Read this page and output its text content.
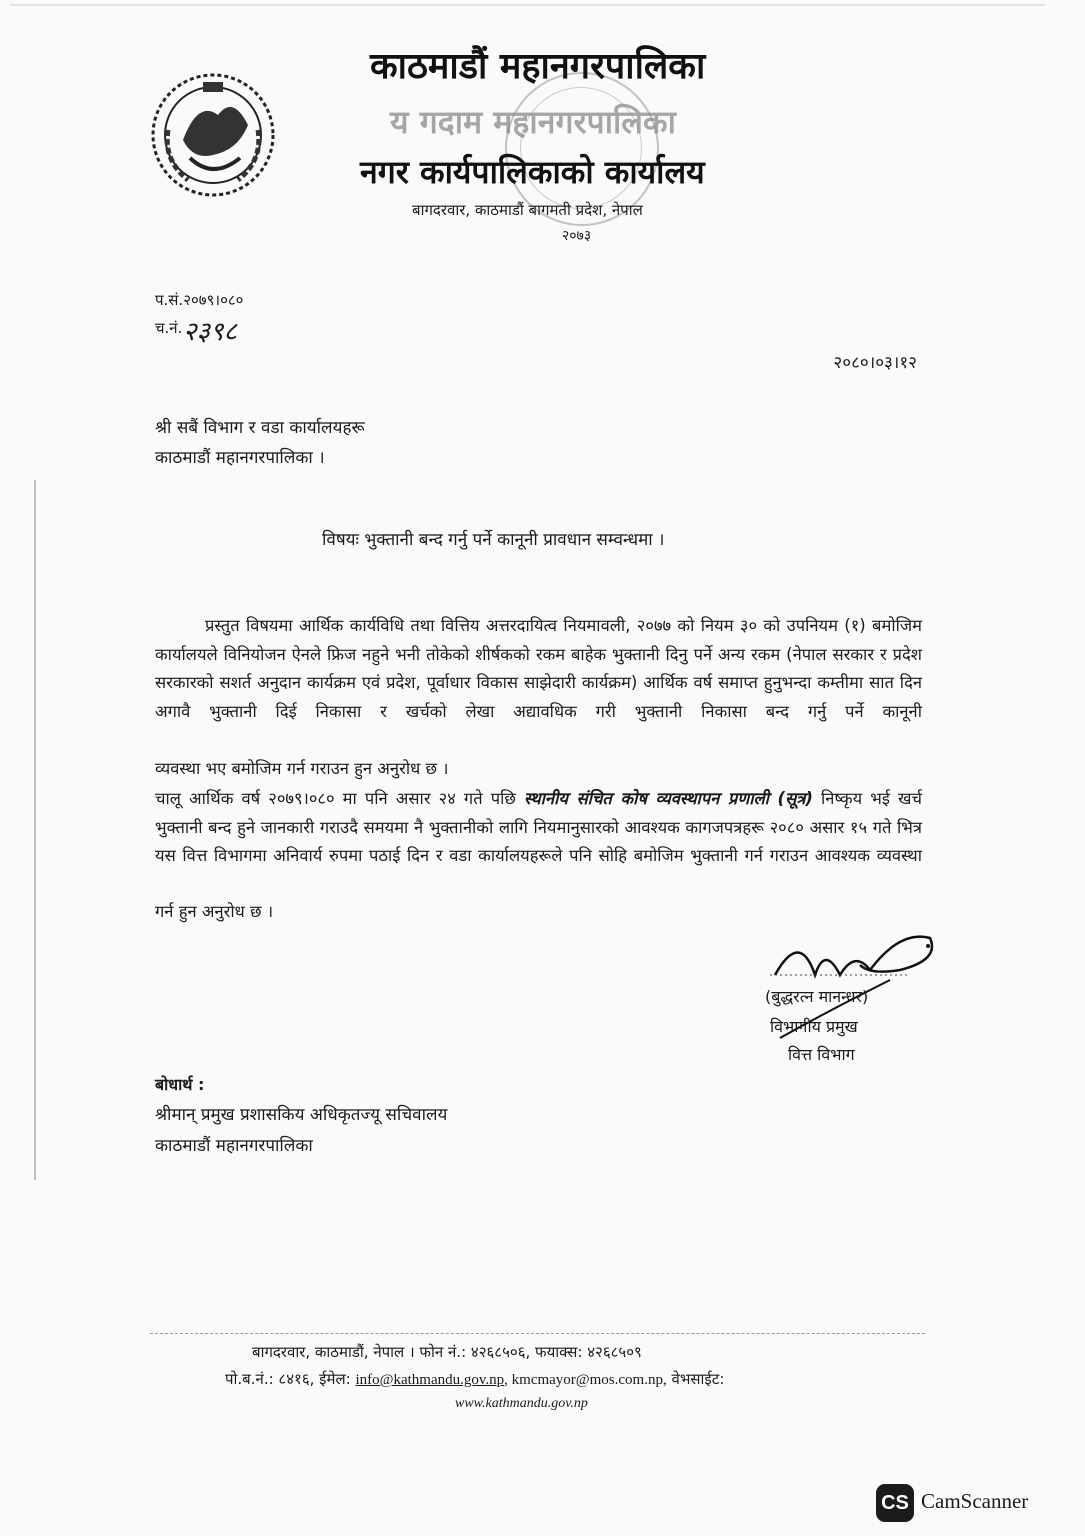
काठमाडौं महानगरपालिका
य गदाम महानगरपालिका
नगर कार्यपालिकाको कार्यालय
बागदरवार, काठमाडौं बागमती प्रदेश, नेपाल
२०७३
प.सं.२०७९।०८०
च.नं. २३९८
२०८०।०३।१२
श्री सबैं विभाग र वडा कार्यालयहरू
काठमाडौं महानगरपालिका ।
विषयः भुक्तानी बन्द गर्नु पर्ने कानूनी प्रावधान सम्वन्धमा ।
प्रस्तुत विषयमा आर्थिक कार्यविधि तथा वित्तिय अत्तरदायित्व नियमावली, २०७७ को नियम ३० को उपनियम (१) बमोजिम कार्यालयले विनियोजन ऐनले फ्रिज नहुने भनी तोकेको शीर्षकको रकम बाहेक भुक्तानी दिनु पर्ने अन्य रकम (नेपाल सरकार र प्रदेश सरकारको सशर्त अनुदान कार्यक्रम एवं प्रदेश, पूर्वाधार विकास साझेदारी कार्यक्रम) आर्थिक वर्ष समाप्त हुनुभन्दा कम्तीमा सात दिन अगावै भुक्तानी दिई निकासा र खर्चको लेखा अद्यावधिक गरी भुक्तानी निकासा बन्द गर्नु पर्ने कानूनी
व्यवस्था भए बमोजिम गर्न गराउन हुन अनुरोध छ ।
चालू आर्थिक वर्ष २०७९।०८० मा पनि असार २४ गते पछि स्थानीय संचित कोष व्यवस्थापन प्रणाली (सूत्र) निष्कृय भई खर्च भुक्तानी बन्द हुने जानकारी गराउदै समयमा नै भुक्तानीको लागि नियमानुसारको आवश्यक कागजपत्रहरू २०८० असार १५ गते भित्र यस वित्त विभागमा अनिवार्य रुपमा पठाई दिन र वडा कार्यालयहरूले पनि सोहि बमोजिम भुक्तानी गर्न गराउन आवश्यक व्यवस्था
गर्न हुन अनुरोध छ ।
(बुद्धरत्न मानन्धर)
विभागीय प्रमुख
वित्त विभाग
बोधार्थ :
श्रीमान् प्रमुख प्रशासकिय अधिकृतज्यू सचिवालय
काठमाडौं महानगरपालिका
बागदरवार, काठमाडौं, नेपाल । फोन नं.: ४२६८५०६, फयाक्स: ४२६८५०९
पो.ब.नं.: ८४१६, ईमेल: info@kathmandu.gov.np, kmcmayor@mos.com.np, वेभसाईट:
www.kathmandu.gov.np
CS CamScanner
